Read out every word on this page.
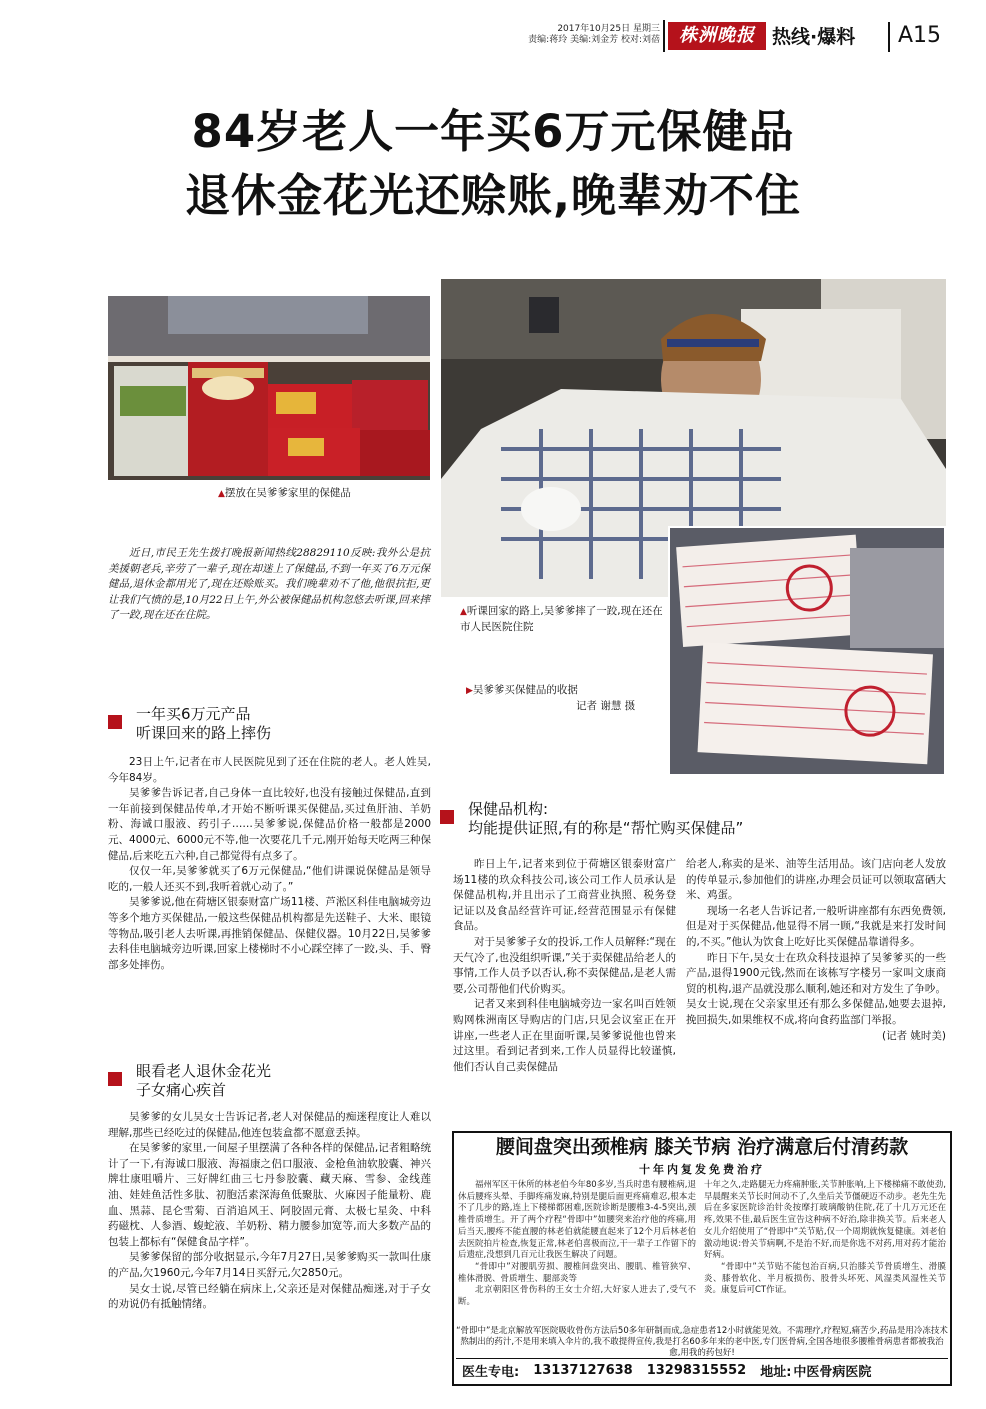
2017年10月25日 星期三
责编:蒋玲 美编:刘金芳 校对:刘蓓	株洲晚报 热线·爆料 A15
84岁老人一年买6万元保健品
退休金花光还赊账,晚辈劝不住
▲摆放在吴爹爹家里的保健品
▲听课回家的路上,吴爹爹摔了一跤,现在还在市人民医院住院
▶吴爹爹买保健品的收据
记者 谢慧 摄
近日,市民王先生拨打晚报新闻热线28829110反映:我外公是抗美援朝老兵,辛劳了一辈子,现在却迷上了保健品,不到一年买了6万元保健品,退休金都用光了,现在还赊账买。我们晚辈劝不了他,他很抗拒,更让我们气愤的是,10月22日上午,外公被保健品机构忽悠去听课,回来摔了一跤,现在还在住院。
一年买6万元产品
听课回来的路上摔伤

23日上午,记者在市人民医院见到了还在住院的老人。老人姓吴,今年84岁。

吴爹爹告诉记者,自己身体一直比较好,也没有接触过保健品,直到一年前接到保健品传单,才开始不断听课买保健品,买过鱼肝油、羊奶粉、海诚口服液、药引子……吴爹爹说,保健品价格一般都是2000元、4000元、6000元不等,他一次要花几千元,刚开始每天吃两三种保健品,后来吃五六种,自己都觉得有点多了。

仅仅一年,吴爹爹就买了6万元保健品,“他们讲课说保健品是领导吃的,一般人还买不到,我听着就心动了。”

吴爹爹说,他在荷塘区银泰财富广场11楼、芦淞区科佳电脑城旁边等多个地方买保健品,一般这些保健品机构都是先送鞋子、大米、眼镜等物品,吸引老人去听课,再推销保健品、保健仪器。10月22日,吴爹爹去科佳电脑城旁边听课,回家上楼梯时不小心踩空摔了一跤,头、手、臀部多处摔伤。

眼看老人退休金花光
子女痛心疾首

吴爹爹的女儿吴女士告诉记者,老人对保健品的痴迷程度让人难以理解,那些已经吃过的保健品,他连包装盒都不愿意丢掉。

在吴爹爹的家里,一间屋子里摆满了各种各样的保健品,记者粗略统计了一下,有海诚口服液、海福康之侣口服液、金枪鱼油软胶囊、神兴牌壮康咀嚼片、三好牌红曲三七丹参胶囊、藏天麻、雪参、金线莲油、娃娃鱼活性多肽、初胞活素深海鱼低聚肽、火麻因子能量粉、鹿血、黑蒜、昆仑雪菊、百消追风王、阿胶固元膏、太极七星灸、中科药磁枕、人参酒、蝮蛇液、羊奶粉、精力腰参加宽等,而大多数产品的包装上都标有“保健食品字样”。

吴爹爹保留的部分收据显示,今年7月27日,吴爹爹购买一款叫仕康的产品,欠1960元,今年7月14日买舒元,欠2850元。

吴女士说,尽管已经躺在病床上,父亲还是对保健品痴迷,对于子女的劝说仍有抵触情绪。

保健品机构:
均能提供证照,有的称是“帮忙购买保健品”

昨日上午,记者来到位于荷塘区银泰财富广场11楼的玖众科技公司,该公司工作人员承认是保健品机构,并且出示了工商营业执照、税务登记证以及食品经营许可证,经营范围显示有保健食品。

对于吴爹爹子女的投诉,工作人员解释:“现在天气冷了,也没组织听课,”关于卖保健品给老人的事情,工作人员予以否认,称不卖保健品,是老人需要,公司帮他们代价购买。

记者又来到科佳电脑城旁边一家名叫百姓领购网株洲南区导购店的门店,只见会议室正在开讲座,一些老人正在里面听课,吴爹爹说他也曾来过这里。看到记者到来,工作人员显得比较谨慎,他们否认自己卖保健品

给老人,称卖的是米、油等生活用品。该门店向老人发放的传单显示,参加他们的讲座,办理会员证可以领取富硒大米、鸡蛋。

现场一名老人告诉记者,一般听讲座都有东西免费领,但是对于买保健品,他显得不屑一顾,“我就是来打发时间的,不买。”他认为饮食上吃好比买保健品靠谱得多。

昨日下午,吴女士在玖众科技退掉了吴爹爹买的一些产品,退得1900元钱,然而在该栋写字楼另一家叫文康商贸的机构,退产品就没那么顺利,她还和对方发生了争吵。吴女士说,现在父亲家里还有那么多保健品,她要去退掉,挽回损失,如果维权不成,将向食药监部门举报。

(记者 姚时美)
腰间盘突出颈椎病 膝关节病 治疗满意后付清药款
十年内复发免费治疗

福州军区干休所的林老伯今年80多岁,当兵时患有腰椎病,退休后腰疼头晕、手脚疼痛发麻,特别是腿后面更疼痛难忍,根本走不了几步的路,连上下楼梯都困难,医院诊断是腰椎3-4-5突出,颈椎骨质增生。开了两个疗程“骨即中”如腰突来治疗他的疼痛,用后当天,腰疼不能直腰的林老伯就能腰直起来了12个月后林老伯去医院拍片检查,恢复正常,林老伯喜极而泣,干一辈子工作留下的后遗症,没想到几百元让我医生解决了问题。

“骨即中”对腰肌劳损、腰椎间盘突出、腰肌、椎管狭窄、椎体滑脱、骨质增生、腿部炎等

北京朝阳区骨伤科的王女士介绍,大好家人进去了,受气不断。

十年之久,走路腿无力疼痛肿胀,关节肿胀响,上下楼梯痛不敢使劲,早晨醒来关节长时间动不了,久坐后关节僵硬迈不动步。老先生先后在多家医院诊治针灸按摩打玻璃酸钠住院,花了十几万元还在疼,效果不佳,最后医生宣告这种病不好治,除非换关节。后来老人女儿介绍使用了“骨即中”关节贴,仅一个周期就恢复健康。刘老伯激动地说:骨关节病啊,不是治不好,而是你选不对药,用对药才能治好病。

“骨即中”关节贴不能包治百病,只治膝关节骨质增生、滑膜炎、膝骨软化、半月板损伤、股骨头坏死、风湿类风湿性关节炎。康复后可CT作证。

“骨即中”是北京解放军医院吸收骨伤方法后50多年研制而成,急症患者12小时就能见效。不需理疗,疗程短,痛苦少,药品是用冷冻技术熬制出的药汁,不是用来填入伞片的,我不敢提得宣传,我是打名60多年来的老中医,专门医骨病,全国各地很多腰椎骨病患者都被我治愈,用我的药包好!
医生专电: 13137127638 13298315552 地址: 中医骨病医院
